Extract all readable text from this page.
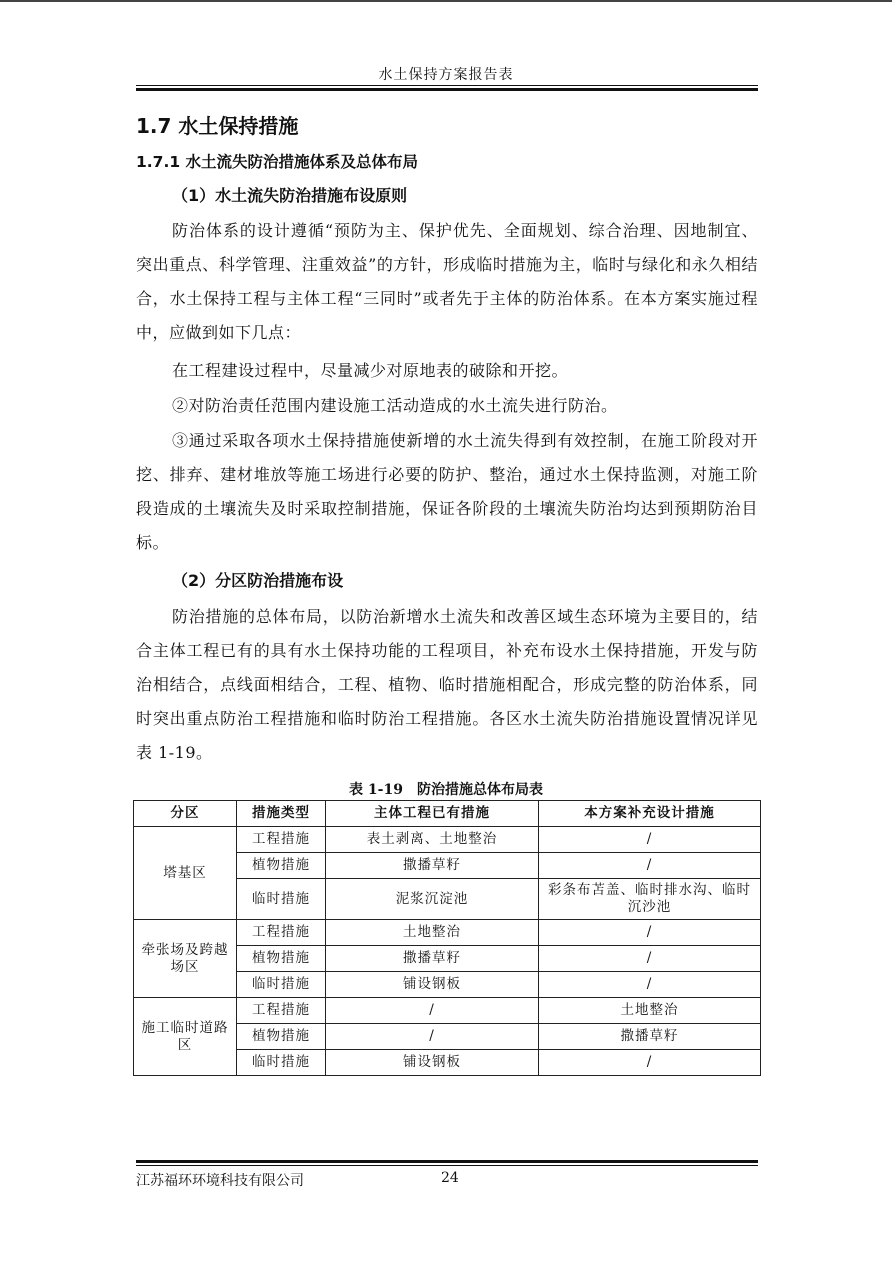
水土保持方案报告表
1.7 水土保持措施
1.7.1 水土流失防治措施体系及总体布局
（1）水土流失防治措施布设原则
防治体系的设计遵循“预防为主、保护优先、全面规划、综合治理、因地制宜、突出重点、科学管理、注重效益”的方针，形成临时措施为主，临时与绿化和永久相结合，水土保持工程与主体工程“三同时”或者先于主体的防治体系。在本方案实施过程中，应做到如下几点：
在工程建设过程中，尽量减少对原地表的破除和开挖。
②对防治责任范围内建设施工活动造成的水土流失进行防治。
③通过采取各项水土保持措施使新增的水土流失得到有效控制，在施工阶段对开挖、排弃、建材堆放等施工场进行必要的防护、整治，通过水土保持监测，对施工阶段造成的土壤流失及时采取控制措施，保证各阶段的土壤流失防治均达到预期防治目标。
（2）分区防治措施布设
防治措施的总体布局，以防治新增水土流失和改善区域生态环境为主要目的，结合主体工程已有的具有水土保持功能的工程项目，补充布设水土保持措施，开发与防治相结合，点线面相结合，工程、植物、临时措施相配合，形成完整的防治体系，同时突出重点防治工程措施和临时防治工程措施。各区水土流失防治措施设置情况详见表 1-19。
表 1-19　防治措施总体布局表
分区	措施类型	主体工程已有措施	本方案补充设计措施
塔基区	工程措施	表土剥离、土地整治	/
	植物措施	撒播草籽	/
	临时措施	泥浆沉淀池	彩条布苫盖、临时排水沟、临时沉沙池
牵张场及跨越场区	工程措施	土地整治	/
	植物措施	撒播草籽	/
	临时措施	铺设钢板	/
施工临时道路区	工程措施	/	土地整治
	植物措施	/	撒播草籽
	临时措施	铺设钢板	/
江苏福环环境科技有限公司	24
